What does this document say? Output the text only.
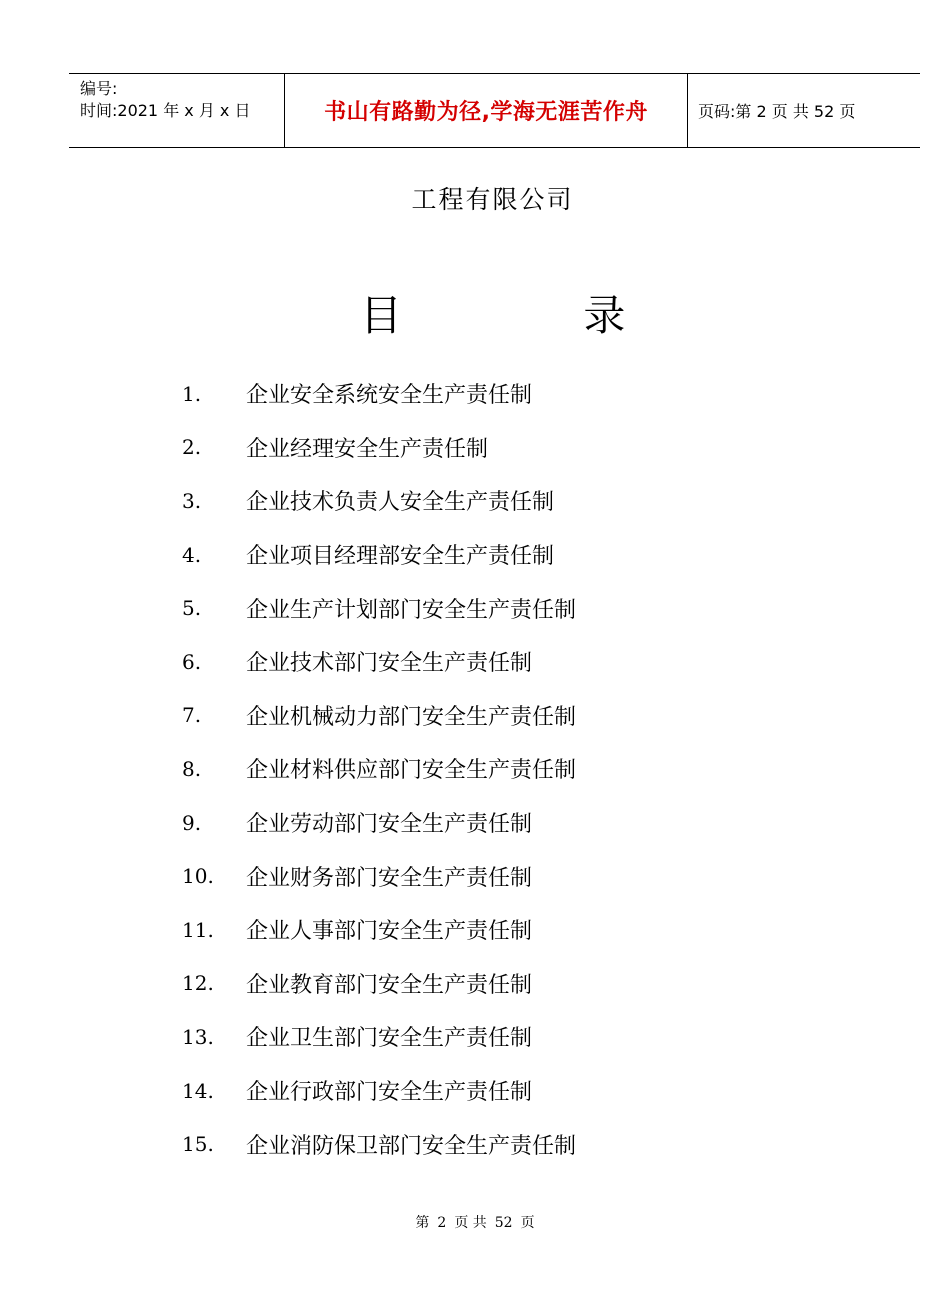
编号:
时间:2021 年 x 月 x 日	书山有路勤为径,学海无涯苦作舟	页码:第 2 页 共 52 页
工程有限公司
目	录
1.	企业安全系统安全生产责任制
2.	企业经理安全生产责任制
3.	企业技术负责人安全生产责任制
4.	企业项目经理部安全生产责任制
5.	企业生产计划部门安全生产责任制
6.	企业技术部门安全生产责任制
7.	企业机械动力部门安全生产责任制
8.	企业材料供应部门安全生产责任制
9.	企业劳动部门安全生产责任制
10.	企业财务部门安全生产责任制
11.	企业人事部门安全生产责任制
12.	企业教育部门安全生产责任制
13.	企业卫生部门安全生产责任制
14.	企业行政部门安全生产责任制
15.	企业消防保卫部门安全生产责任制
第 2 页 共 52 页
